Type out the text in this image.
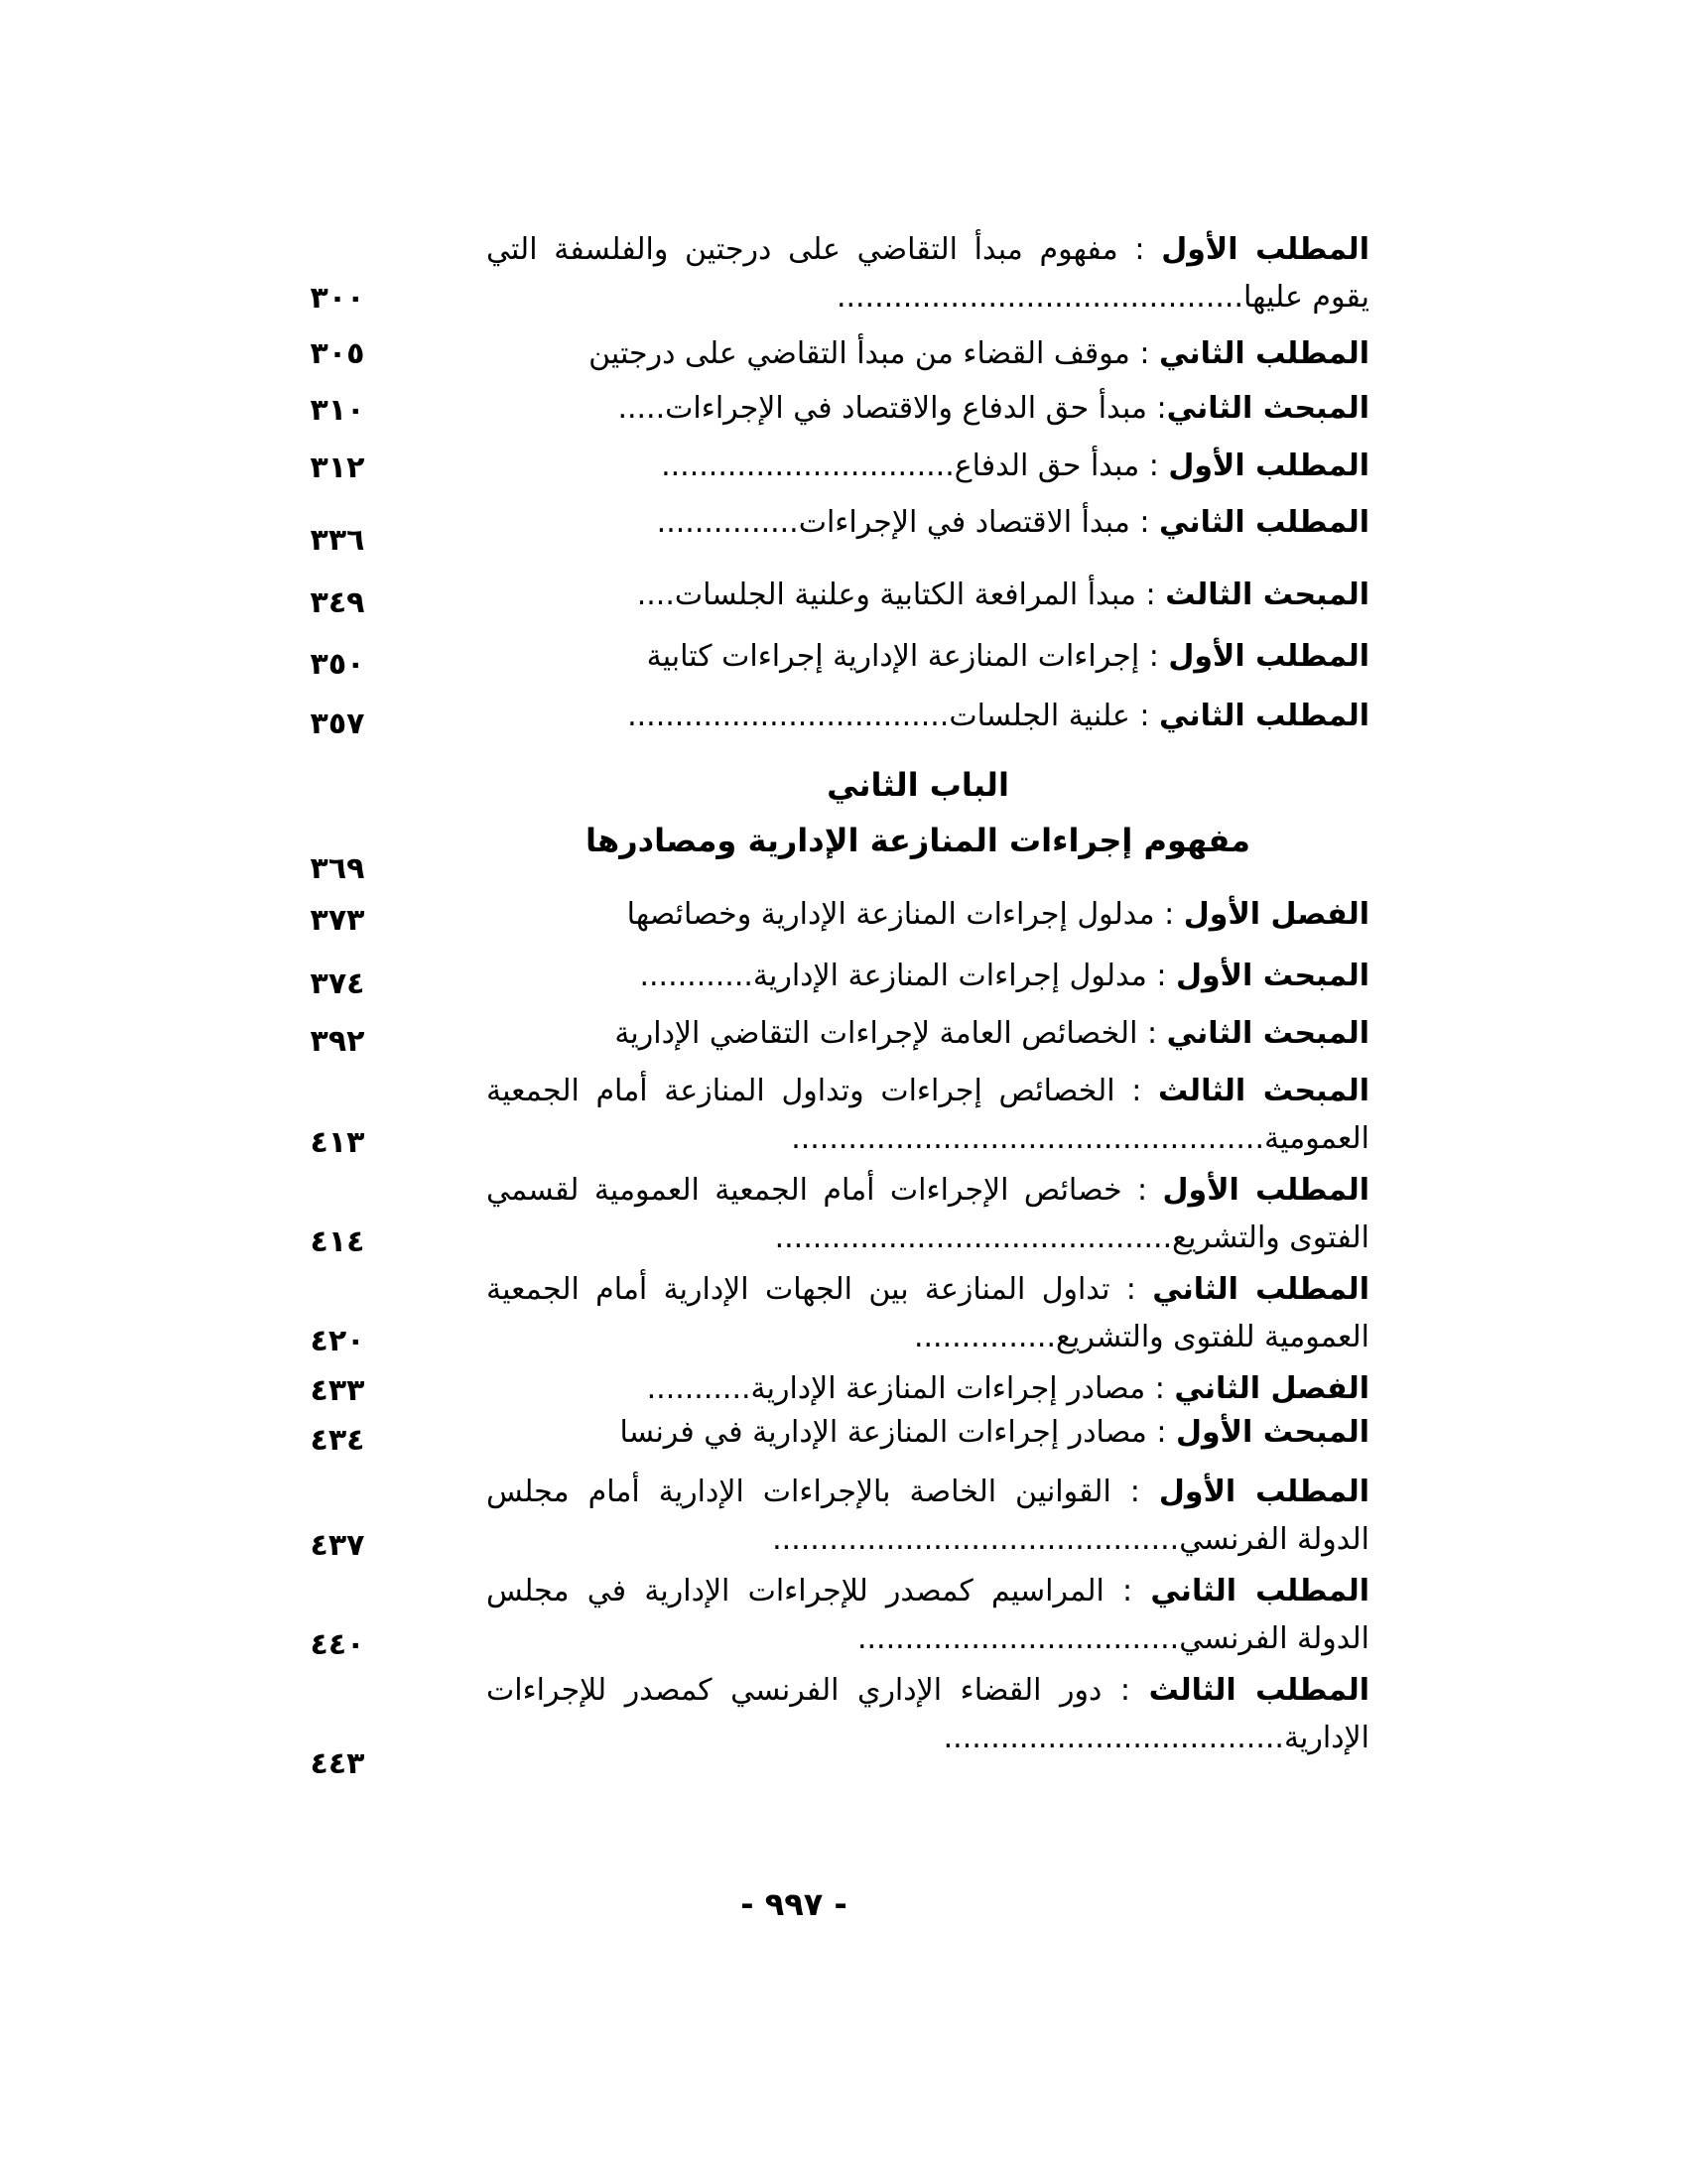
المطلب الأول : مفهوم مبدأ التقاضي على درجتين والفلسفة التي يقوم عليها...........................................
٣٠٠
المطلب الثاني : موقف القضاء من مبدأ التقاضي على درجتين
٣٠٥
المبحث الثاني: مبدأ حق الدفاع والاقتصاد في الإجراءات.....
٣١٠
المطلب الأول : مبدأ حق الدفاع...............................
٣١٢
المطلب الثاني : مبدأ الاقتصاد في الإجراءات...............
٣٣٦
المبحث الثالث : مبدأ المرافعة الكتابية وعلنية الجلسات....
٣٤٩
المطلب الأول : إجراءات المنازعة الإدارية إجراءات كتابية
٣٥٠
المطلب الثاني : علنية الجلسات..................................
٣٥٧
الباب الثاني
مفهوم إجراءات المنازعة الإدارية ومصادرها
٣٦٩
الفصل الأول : مدلول إجراءات المنازعة الإدارية وخصائصها
٣٧٣
المبحث الأول : مدلول إجراءات المنازعة الإدارية............
٣٧٤
المبحث الثاني : الخصائص العامة لإجراءات التقاضي الإدارية
٣٩٢
المبحث الثالث : الخصائص إجراءات وتداول المنازعة أمام الجمعية العمومية..................................................
٤١٣
المطلب الأول : خصائص الإجراءات أمام الجمعية العمومية لقسمي الفتوى والتشريع..........................................
٤١٤
المطلب الثاني : تداول المنازعة بين الجهات الإدارية أمام الجمعية العمومية للفتوى والتشريع...............
٤٢٠
الفصل الثاني : مصادر إجراءات المنازعة الإدارية...........
٤٣٣
المبحث الأول : مصادر إجراءات المنازعة الإدارية في فرنسا
٤٣٤
المطلب الأول : القوانين الخاصة بالإجراءات الإدارية أمام مجلس الدولة الفرنسي...........................................
٤٣٧
المطلب الثاني : المراسيم كمصدر للإجراءات الإدارية في مجلس الدولة الفرنسي..................................
٤٤٠
المطلب الثالث : دور القضاء الإداري الفرنسي كمصدر للإجراءات الإدارية....................................
٤٤٣
- ٩٩٧ -
